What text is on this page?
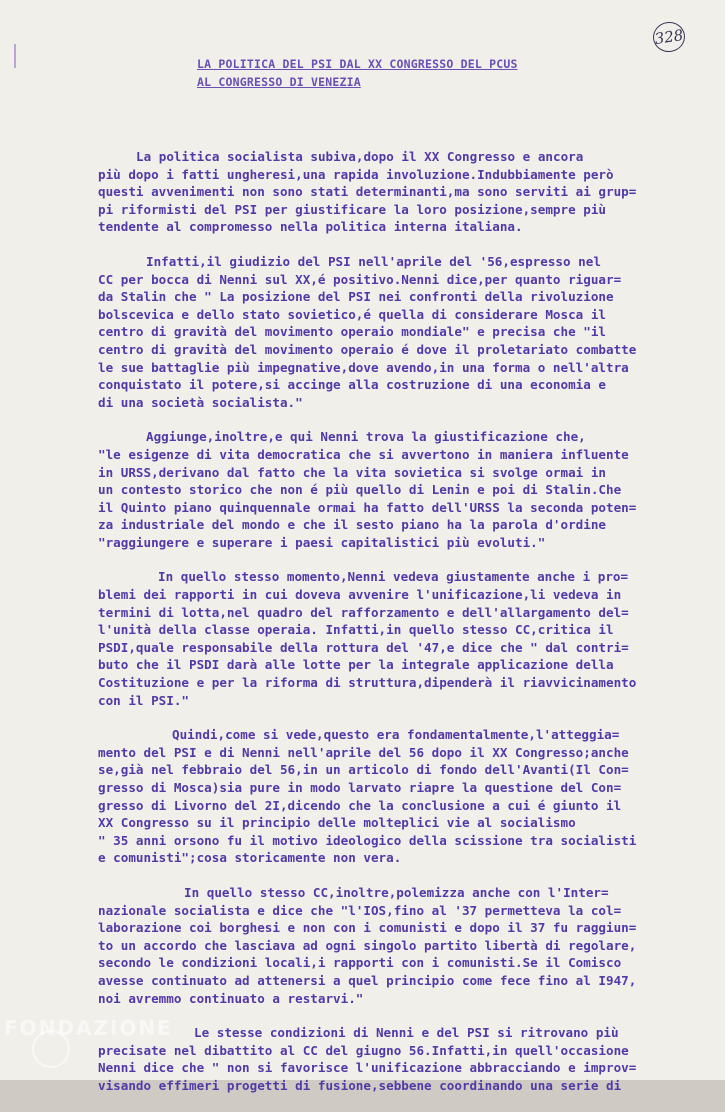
328
LA POLITICA DEL PSI DAL XX CONGRESSO DEL PCUS
AL CONGRESSO DI VENEZIA
La politica socialista subiva,dopo il XX Congresso e ancora
più dopo i fatti ungheresi,una rapida involuzione.Indubbiamente però
questi avvenimenti non sono stati determinanti,ma sono serviti ai grup=
pi riformisti del PSI per giustificare la loro posizione,sempre più
tendente al compromesso nella politica interna italiana.
Infatti,il giudizio del PSI nell'aprile del '56,espresso nel
CC per bocca di Nenni sul XX,é positivo.Nenni dice,per quanto riguar=
da Stalin che " La posizione del PSI nei confronti della rivoluzione
bolscevica e dello stato sovietico,é quella di considerare Mosca il
centro di gravità del movimento operaio mondiale" e precisa che "il
centro di gravità del movimento operaio é dove il proletariato combatte
le sue battaglie più impegnative,dove avendo,in una forma o nell'altra
conquistato il potere,si accinge alla costruzione di una economia e
di una società socialista."
Aggiunge,inoltre,e qui Nenni trova la giustificazione che,
"le esigenze di vita democratica che si avvertono in maniera influente
in URSS,derivano dal fatto che la vita sovietica si svolge ormai in
un contesto storico che non é più quello di Lenin e poi di Stalin.Che
il Quinto piano quinquennale ormai ha fatto dell'URSS la seconda poten=
za industriale del mondo e che il sesto piano ha la parola d'ordine
"raggiungere e superare i paesi capitalistici più evoluti."
In quello stesso momento,Nenni vedeva giustamente anche i pro=
blemi dei rapporti in cui doveva avvenire l'unificazione,li vedeva in
termini di lotta,nel quadro del rafforzamento e dell'allargamento del=
l'unità della classe operaia. Infatti,in quello stesso CC,critica il
PSDI,quale responsabile della rottura del '47,e dice che " dal contri=
buto che il PSDI darà alle lotte per la integrale applicazione della
Costituzione e per la riforma di struttura,dipenderà il riavvicinamento
con il PSI."
Quindi,come si vede,questo era fondamentalmente,l'atteggia=
mento del PSI e di Nenni nell'aprile del 56 dopo il XX Congresso;anche
se,già nel febbraio del 56,in un articolo di fondo dell'Avanti(Il Con=
gresso di Mosca)sia pure in modo larvato riapre la questione del Con=
gresso di Livorno del 2I,dicendo che la conclusione a cui é giunto il
XX Congresso su il principio delle molteplici vie al socialismo
" 35 anni orsono fu il motivo ideologico della scissione tra socialisti
e comunisti";cosa storicamente non vera.
In quello stesso CC,inoltre,polemizza anche con l'Inter=
nazionale socialista e dice che "l'IOS,fino al '37 permetteva la col=
laborazione coi borghesi e non con i comunisti e dopo il 37 fu raggiun=
to un accordo che lasciava ad ogni singolo partito libertà di regolare,
secondo le condizioni locali,i rapporti con i comunisti.Se il Comisco
avesse continuato ad attenersi a quel principio come fece fino al I947,
noi avremmo continuato a restarvi."
Le stesse condizioni di Nenni e del PSI si ritrovano più
precisate nel dibattito al CC del giugno 56.Infatti,in quell'occasione
Nenni dice che " non si favorisce l'unificazione abbracciando e improv=
visando effimeri progetti di fusione,sebbene coordinando una serie di
FONDAZIONE
